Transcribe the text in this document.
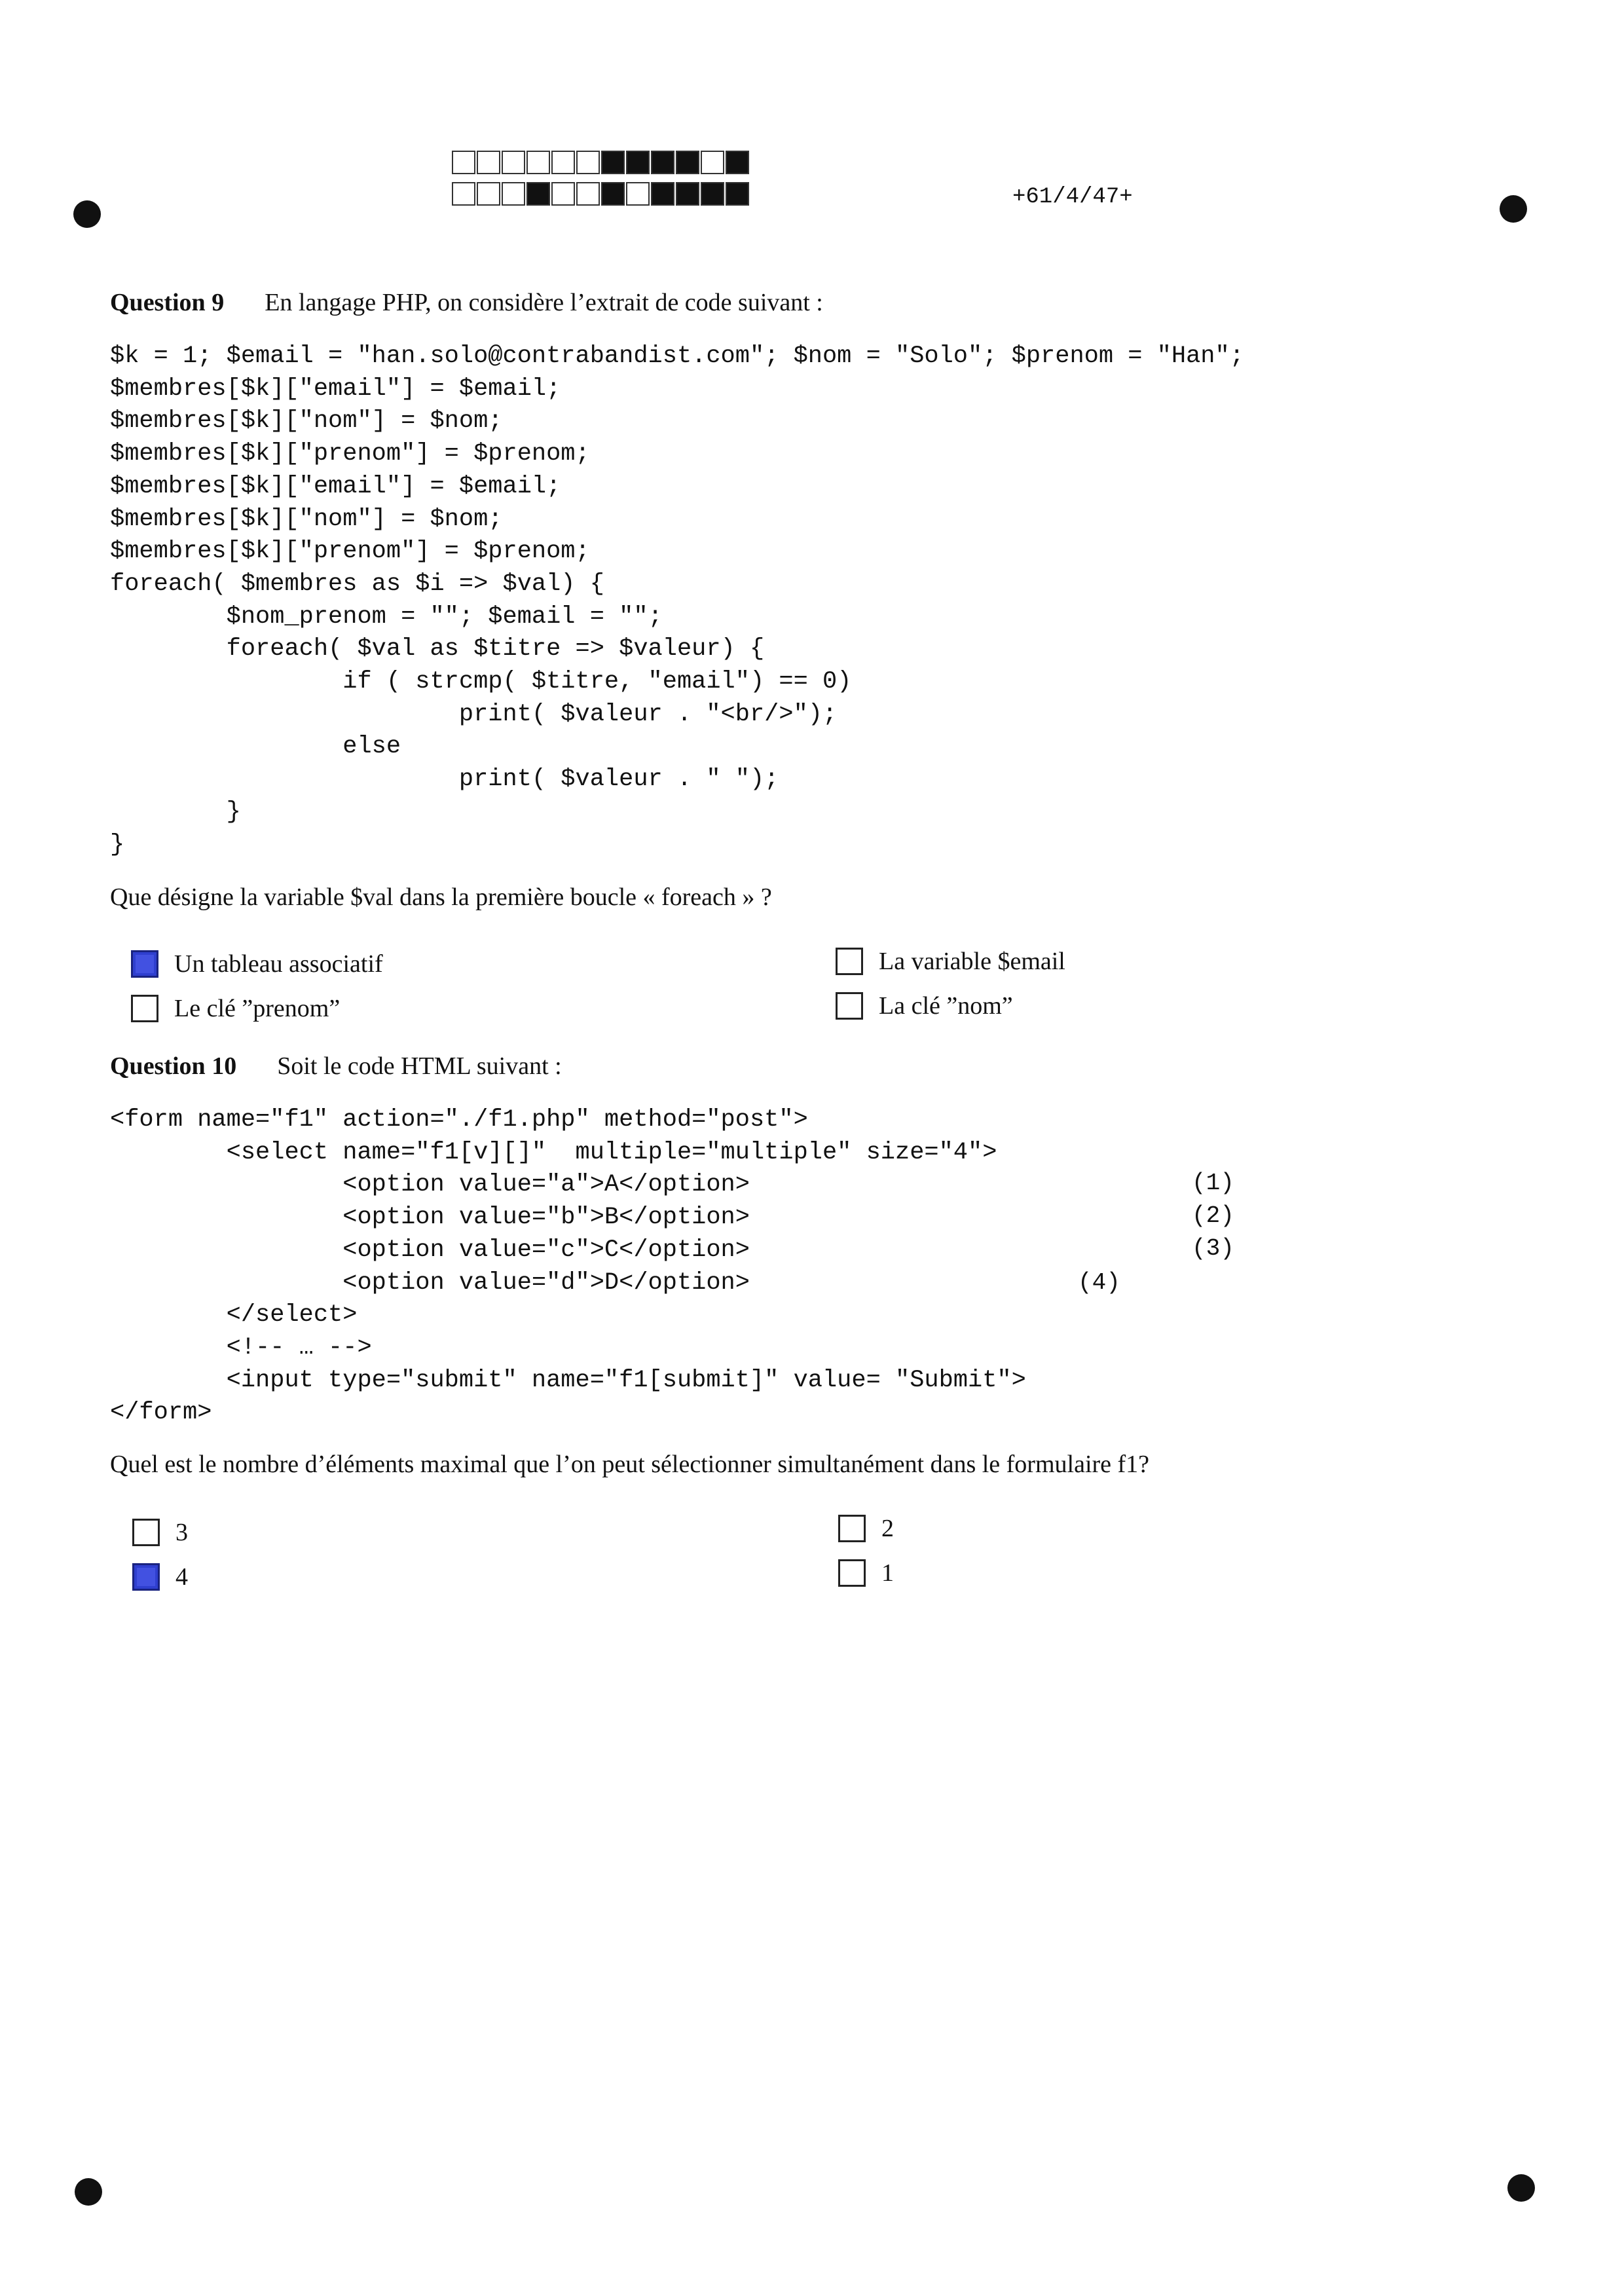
+61/4/47+
Question 9 En langage PHP, on considère l’extrait de code suivant :
$k = 1; $email = "han.solo@contrabandist.com"; $nom = "Solo"; $prenom = "Han";
$membres[$k]["email"] = $email;
$membres[$k]["nom"] = $nom;
$membres[$k]["prenom"] = $prenom;
$membres[$k]["email"] = $email;
$membres[$k]["nom"] = $nom;
$membres[$k]["prenom"] = $prenom;
foreach( $membres as $i => $val) {
$nom_prenom = ""; $email = "";
foreach( $val as $titre => $valeur) {
if ( strcmp( $titre, "email") == 0)
print( $valeur . "<br/>");
else
print( $valeur . " ");
}
}
Que désigne la variable $val dans la première boucle « foreach » ?
Un tableau associatif	La variable $email
Le clé ”prenom”	La clé ”nom”
Question 10 Soit le code HTML suivant :
<form name="f1" action="./f1.php" method="post">
<select name="f1[v][]"  multiple="multiple" size="4">
<option value="a">A</option>
<option value="b">B</option>
<option value="c">C</option>
<option value="d">D</option>
</select>
<!-- … -->
<input type="submit" name="f1[submit]" value= "Submit">
</form>
(1)
(2)
(3)
(4)
Quel est le nombre d’éléments maximal que l’on peut sélectionner simultanément dans le formulaire f1?
3	2
4	1
